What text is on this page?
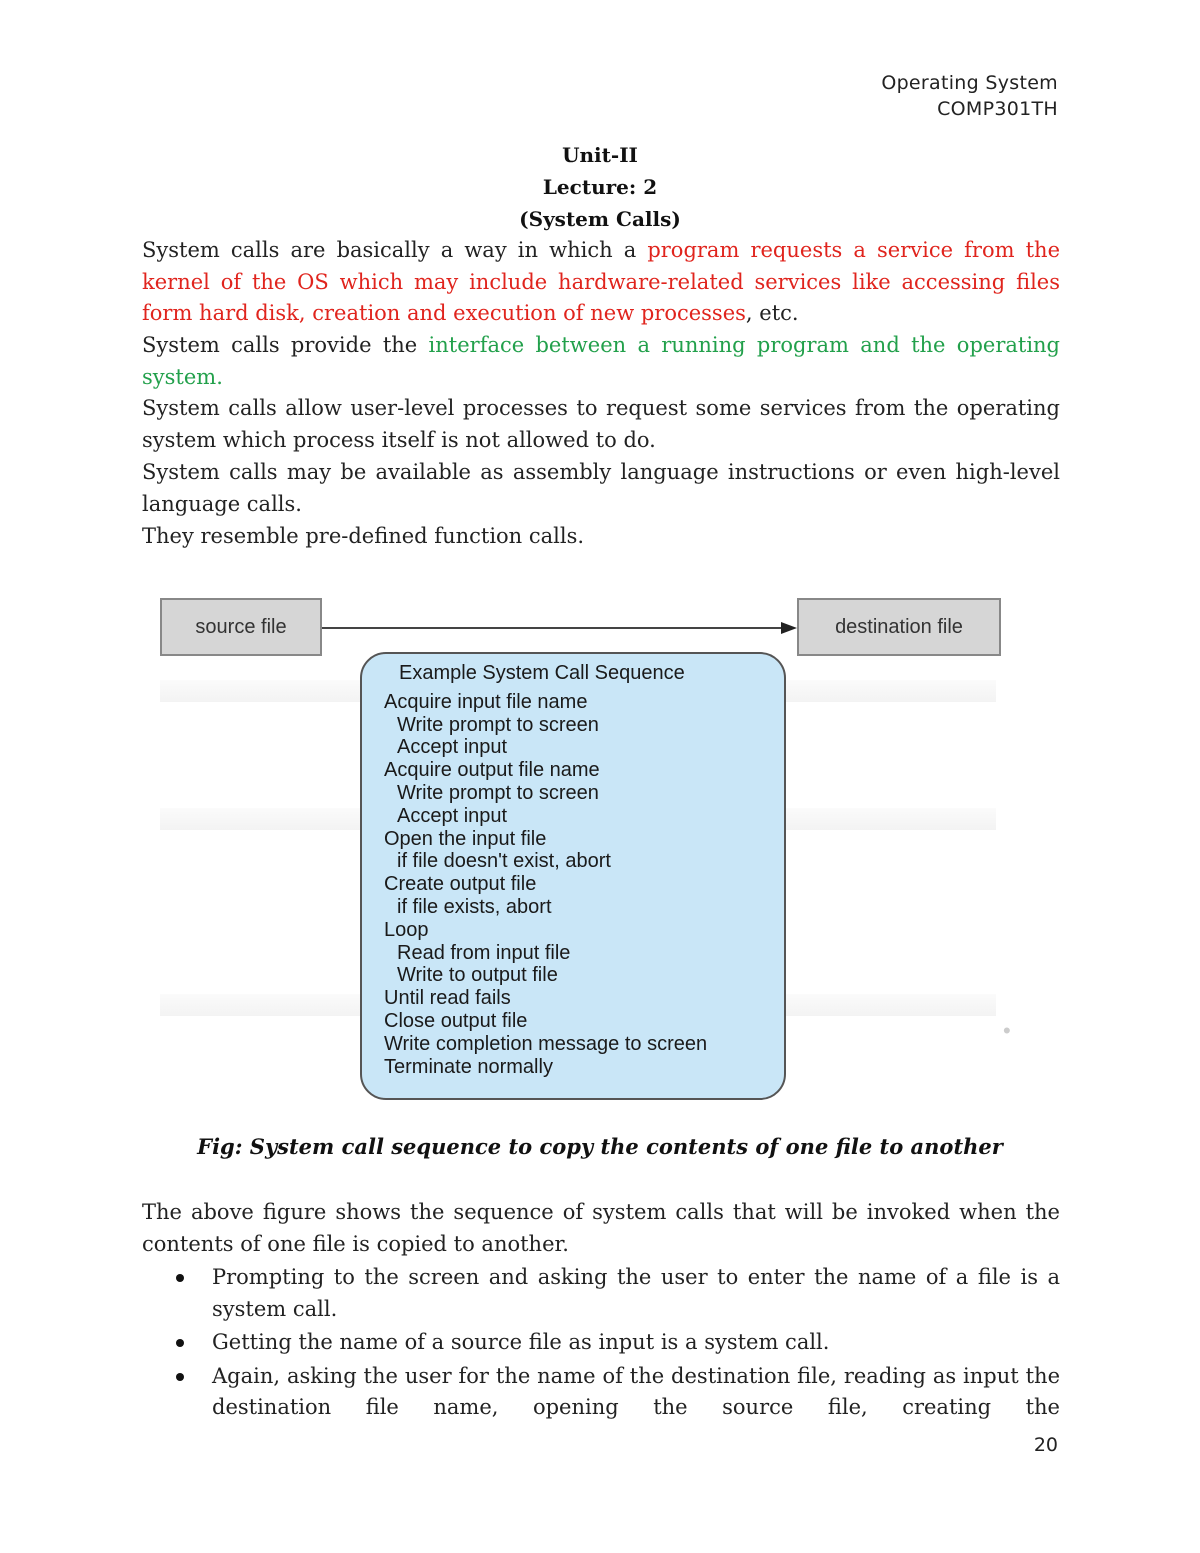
Operating System
COMP301TH
Unit-II
Lecture: 2
(System Calls)
System calls are basically a way in which a program requests a service from the kernel of the OS which may include hardware-related services like accessing files form hard disk, creation and execution of new processes, etc.
System calls provide the interface between a running program and the operating system.
System calls allow user-level processes to request some services from the operating system which process itself is not allowed to do.
System calls may be available as assembly language instructions or even high-level language calls.
They resemble pre-defined function calls.
source file	destination file
Example System Call Sequence
Acquire input file name
Write prompt to screen
Accept input
Acquire output file name
Write prompt to screen
Accept input
Open the input file
if file doesn't exist, abort
Create output file
if file exists, abort
Loop
Read from input file
Write to output file
Until read fails
Close output file
Write completion message to screen
Terminate normally
•
Fig: System call sequence to copy the contents of one file to another
The above figure shows the sequence of system calls that will be invoked when the contents of one file is copied to another.
Prompting to the screen and asking the user to enter the name of a file is a system call.
Getting the name of a source file as input is a system call.
Again, asking the user for the name of the destination file, reading as input the destination file name, opening the source file, creating the
20
